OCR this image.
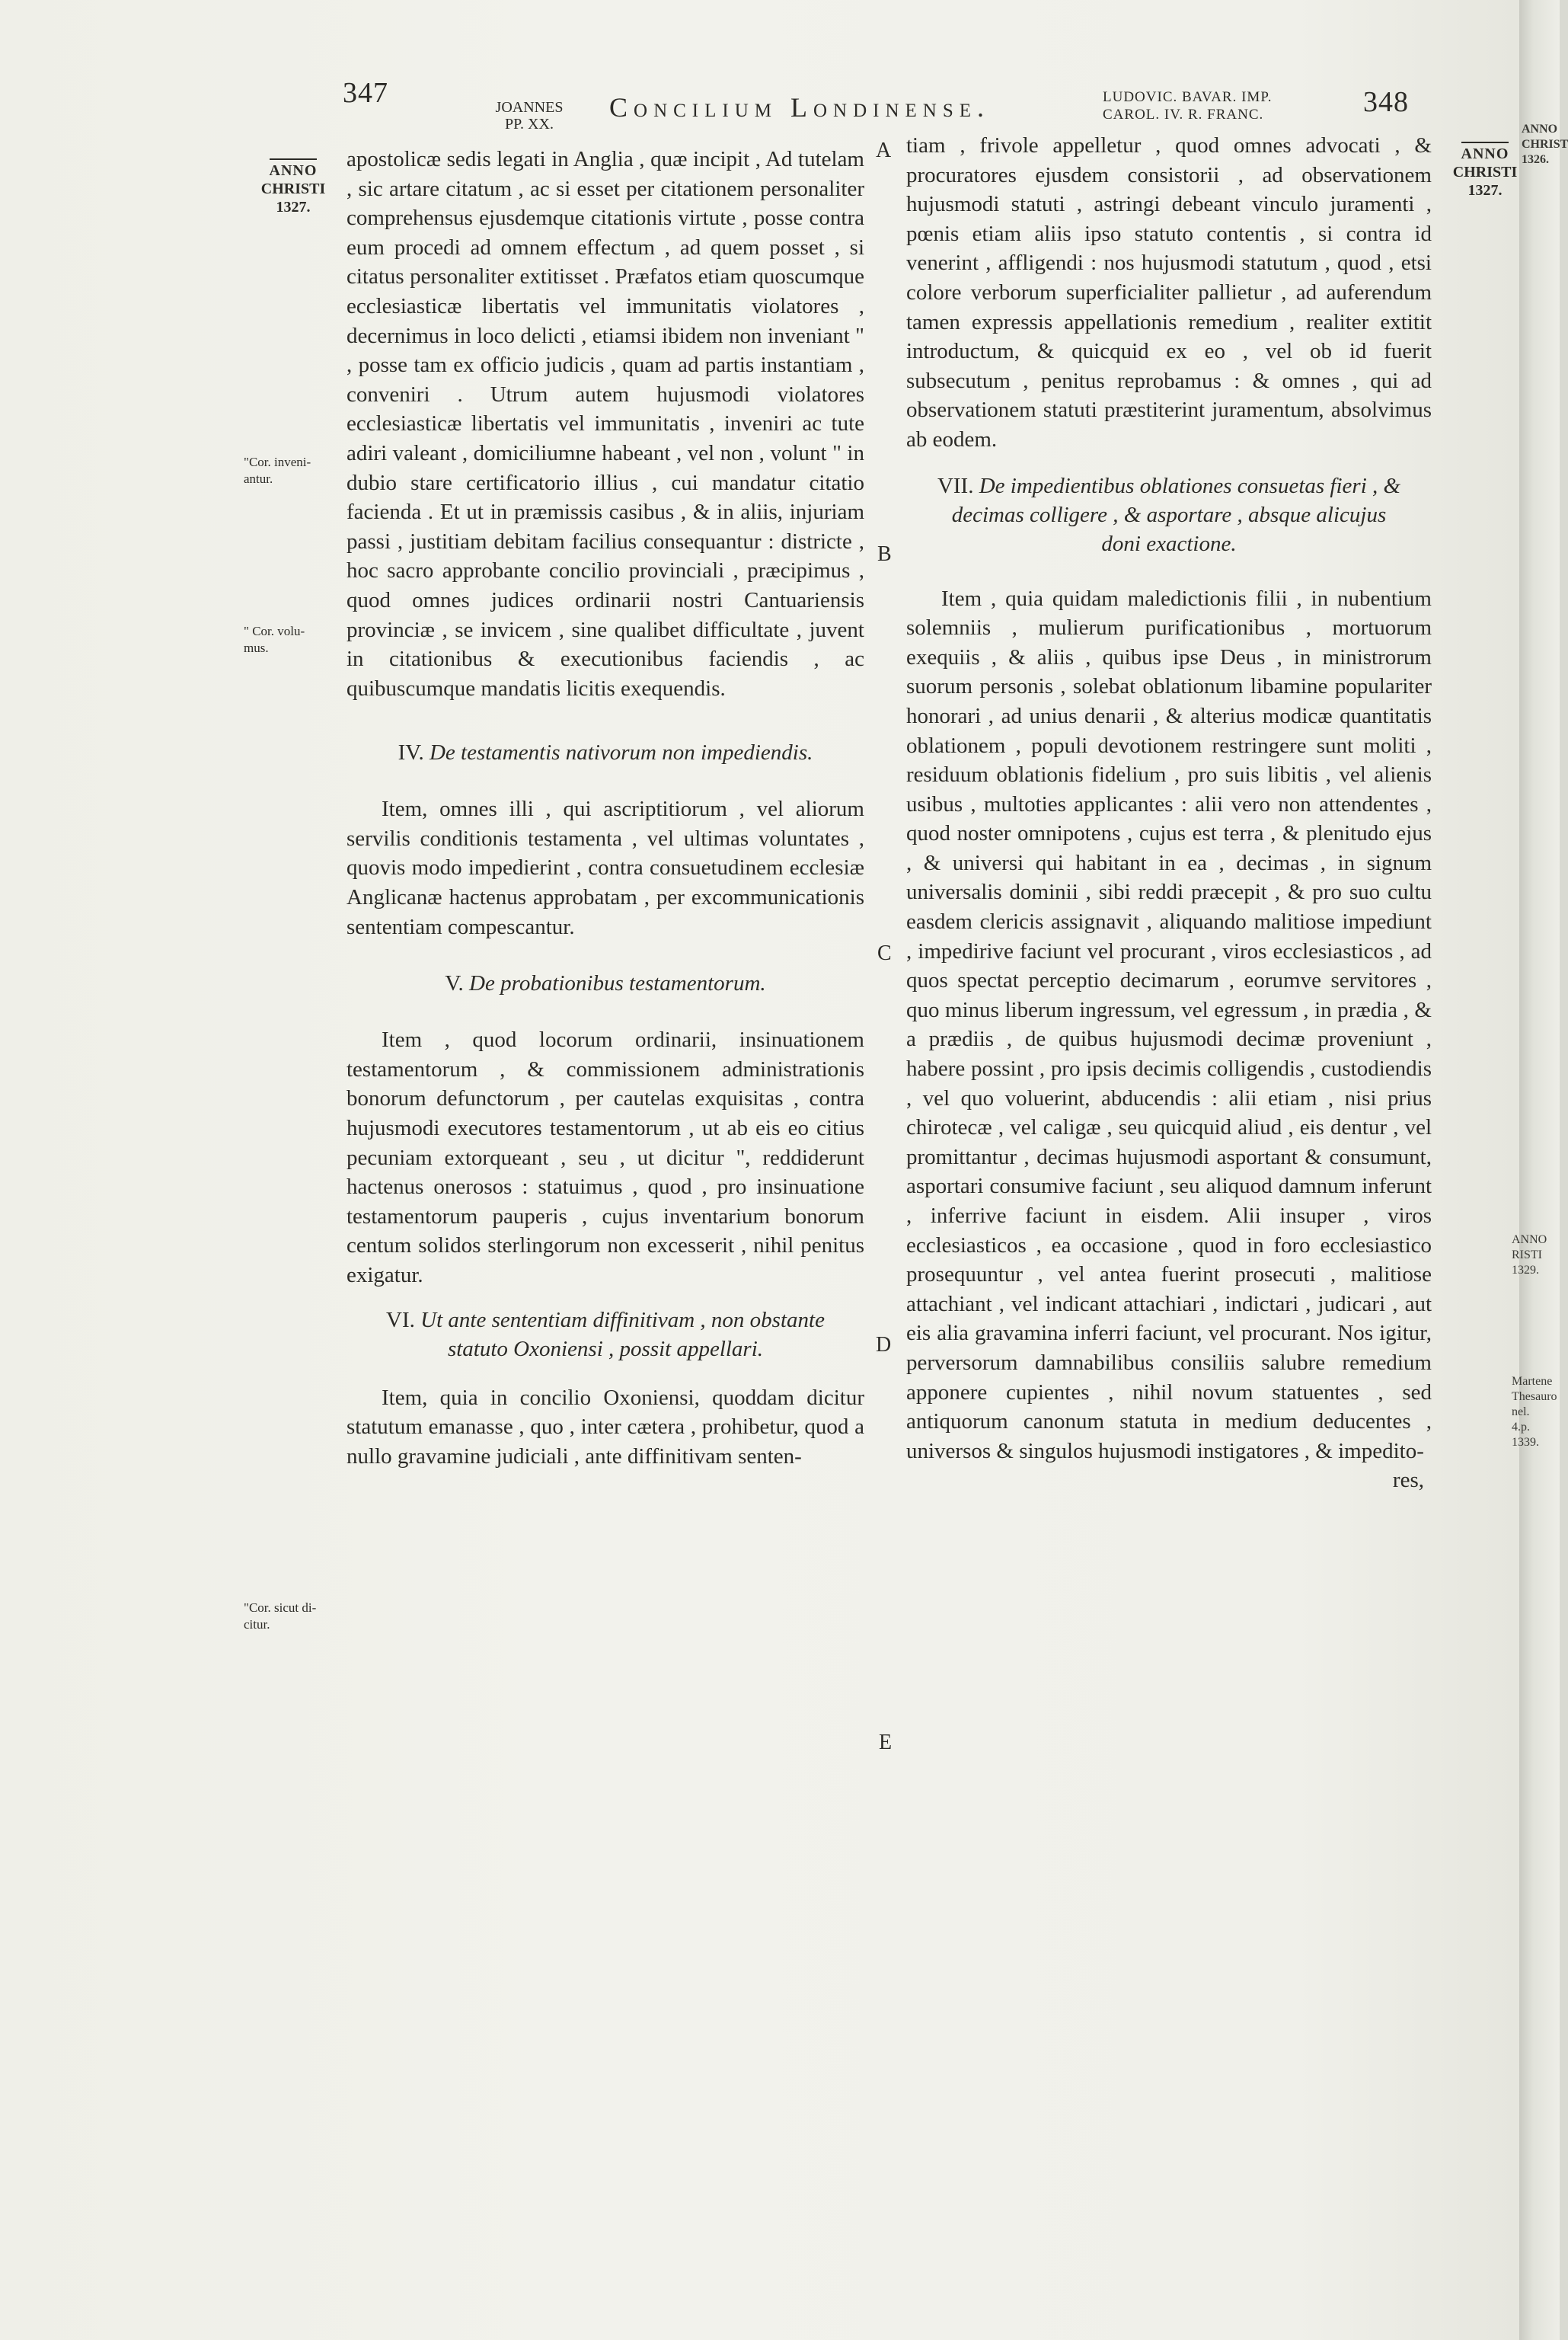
347	JOANNES
PP. XX.
Concilium Londinense.	LUDOVIC. BAVAR. IMP.
CAROL. IV. R. FRANC.	348
ANNO
CHRISTI
1327.
"Cor. inveni-
antur.
" Cor. volu-
mus.
"Cor. sicut di-
citur.
A
B
C
D
E
ANNO
CHRISTI
1327.
ANNO
CHRIST
1326.
ANNO
RISTI
1329.
Martene
Thesauro
nel.
4.p.
1339.

apostolicæ sedis legati in Anglia , quæ incipit , Ad tutelam , sic artare citatum , ac si esset per citationem personaliter comprehensus ejusdemque citationis virtute , posse contra eum procedi ad omnem effectum , ad quem posset , si citatus personaliter extitisset . Præfatos etiam quoscumque ecclesiasticæ libertatis vel immunitatis violatores , decernimus in loco delicti , etiamsi ibidem non inveniant " , posse tam ex officio judicis , quam ad partis instantiam , conveniri . Utrum autem hujusmodi violatores ecclesiasticæ libertatis vel immunitatis , inveniri ac tute adiri valeant , domiciliumne habeant , vel non , volunt " in dubio stare certificatorio illius , cui mandatur citatio facienda . Et ut in præmissis casibus , & in aliis, injuriam passi , justitiam debitam facilius consequantur : districte , hoc sacro approbante concilio provinciali , præcipimus , quod omnes judices ordinarii nostri Cantuariensis provinciæ , se invicem , sine qualibet difficultate , juvent in citationibus & executionibus faciendis , ac quibuscumque mandatis licitis exequendis.

IV. De testamentis nativorum non impediendis.

Item, omnes illi , qui ascriptitiorum , vel aliorum servilis conditionis testamenta , vel ultimas voluntates , quovis modo impedierint , contra consuetudinem ecclesiæ Anglicanæ hactenus approbatam , per excommunicationis sententiam compescantur.

V. De probationibus testamentorum.

Item , quod locorum ordinarii, insinuationem testamentorum , & commissionem administrationis bonorum defunctorum , per cautelas exquisitas , contra hujusmodi executores testamentorum , ut ab eis eo citius pecuniam extorqueant , seu , ut dicitur ", reddiderunt hactenus onerosos : statuimus , quod , pro insinuatione testamentorum pauperis , cujus inventarium bonorum centum solidos sterlingorum non excesserit , nihil penitus exigatur.

VI. Ut ante sententiam diffinitivam , non obstante statuto Oxoniensi , possit appellari.

Item, quia in concilio Oxoniensi, quoddam dicitur statutum emanasse , quo , inter cætera , prohibetur, quod a nullo gravamine judiciali , ante diffinitivam senten-

tiam , frivole appelletur , quod omnes advocati , & procuratores ejusdem consistorii , ad observationem hujusmodi statuti , astringi debeant vinculo juramenti , pœnis etiam aliis ipso statuto contentis , si contra id venerint , affligendi : nos hujusmodi statutum , quod , etsi colore verborum superficialiter pallietur , ad auferendum tamen expressis appellationis remedium , realiter extitit introductum, & quicquid ex eo , vel ob id fuerit subsecutum , penitus reprobamus : & omnes , qui ad observationem statuti præstiterint juramentum, absolvimus ab eodem.

VII. De impedientibus oblationes consuetas fieri , & decimas colligere , & asportare , absque alicujus doni exactione.

Item , quia quidam maledictionis filii , in nubentium solemniis , mulierum purificationibus , mortuorum exequiis , & aliis , quibus ipse Deus , in ministrorum suorum personis , solebat oblationum libamine populariter honorari , ad unius denarii , & alterius modicæ quantitatis oblationem , populi devotionem restringere sunt moliti , residuum oblationis fidelium , pro suis libitis , vel alienis usibus , multoties applicantes : alii vero non attendentes , quod noster omnipotens , cujus est terra , & plenitudo ejus , & universi qui habitant in ea , decimas , in signum universalis dominii , sibi reddi præcepit , & pro suo cultu easdem clericis assignavit , aliquando malitiose impediunt , impedirive faciunt vel procurant , viros ecclesiasticos , ad quos spectat perceptio decimarum , eorumve servitores , quo minus liberum ingressum, vel egressum , in prædia , & a prædiis , de quibus hujusmodi decimæ proveniunt , habere possint , pro ipsis decimis colligendis , custodiendis , vel quo voluerint, abducendis : alii etiam , nisi prius chirotecæ , vel caligæ , seu quicquid aliud , eis dentur , vel promittantur , decimas hujusmodi asportant & consumunt, asportari consumive faciunt , seu aliquod damnum inferunt , inferrive faciunt in eisdem. Alii insuper , viros ecclesiasticos , ea occasione , quod in foro ecclesiastico prosequuntur , vel antea fuerint prosecuti , malitiose attachiant , vel indicant attachiari , indictari , judicari , aut eis alia gravamina inferri faciunt, vel procurant. Nos igitur, perversorum damnabilibus consiliis salubre remedium apponere cupientes , nihil novum statuentes , sed antiquorum canonum statuta in medium deducentes , universos & singulos hujusmodi instigatores , & impedito-

res,
